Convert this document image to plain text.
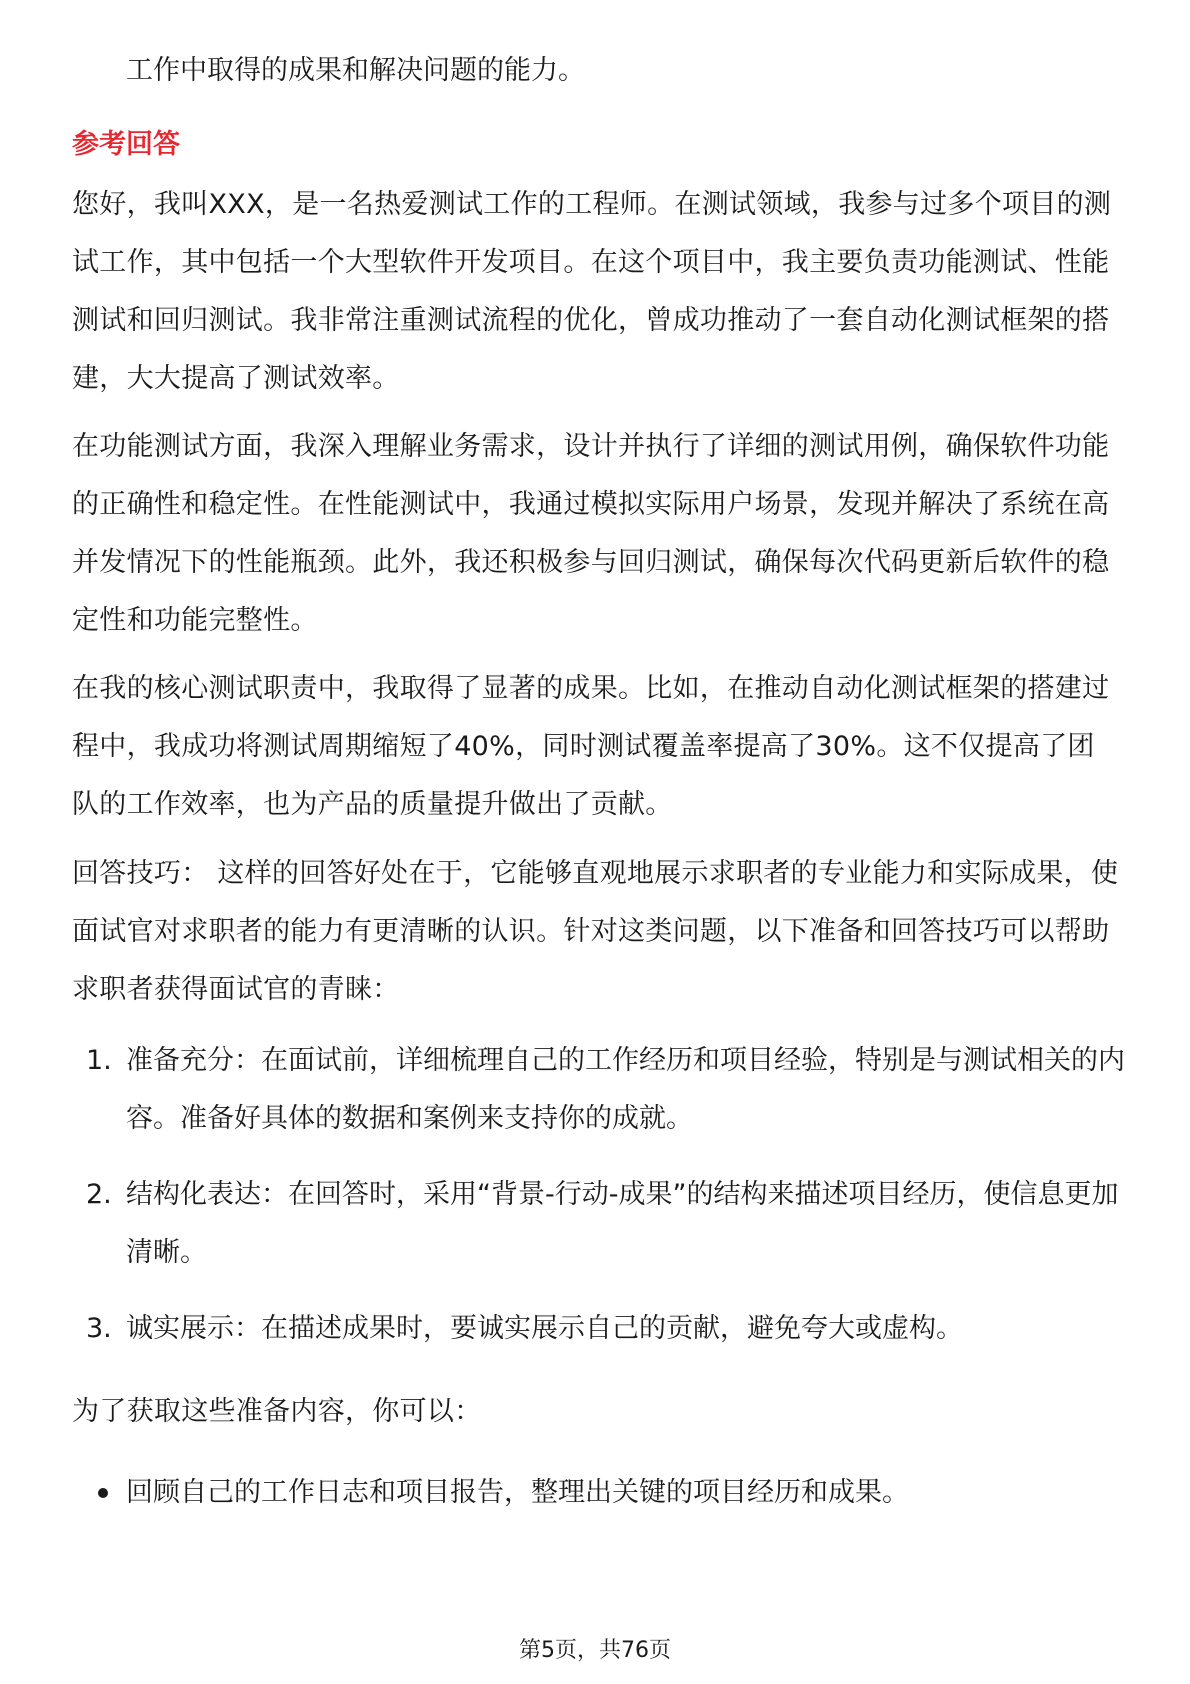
工作中取得的成果和解决问题的能力。

参考回答

您好，我叫XXX，是一名热爱测试工作的工程师。在测试领域，我参与过多个项目的测试工作，其中包括一个大型软件开发项目。在这个项目中，我主要负责功能测试、性能测试和回归测试。我非常注重测试流程的优化，曾成功推动了一套自动化测试框架的搭建，大大提高了测试效率。

在功能测试方面，我深入理解业务需求，设计并执行了详细的测试用例，确保软件功能的正确性和稳定性。在性能测试中，我通过模拟实际用户场景，发现并解决了系统在高并发情况下的性能瓶颈。此外，我还积极参与回归测试，确保每次代码更新后软件的稳定性和功能完整性。

在我的核心测试职责中，我取得了显著的成果。比如，在推动自动化测试框架的搭建过程中，我成功将测试周期缩短了40%，同时测试覆盖率提高了30%。这不仅提高了团队的工作效率，也为产品的质量提升做出了贡献。

回答技巧： 这样的回答好处在于，它能够直观地展示求职者的专业能力和实际成果，使面试官对求职者的能力有更清晰的认识。针对这类问题，以下准备和回答技巧可以帮助求职者获得面试官的青睐：

1. 准备充分：在面试前，详细梳理自己的工作经历和项目经验，特别是与测试相关的内容。准备好具体的数据和案例来支持你的成就。

2. 结构化表达：在回答时，采用“背景-行动-成果”的结构来描述项目经历，使信息更加清晰。

3. 诚实展示：在描述成果时，要诚实展示自己的贡献，避免夸大或虚构。

为了获取这些准备内容，你可以：

回顾自己的工作日志和项目报告，整理出关键的项目经历和成果。

第5页，共76页
